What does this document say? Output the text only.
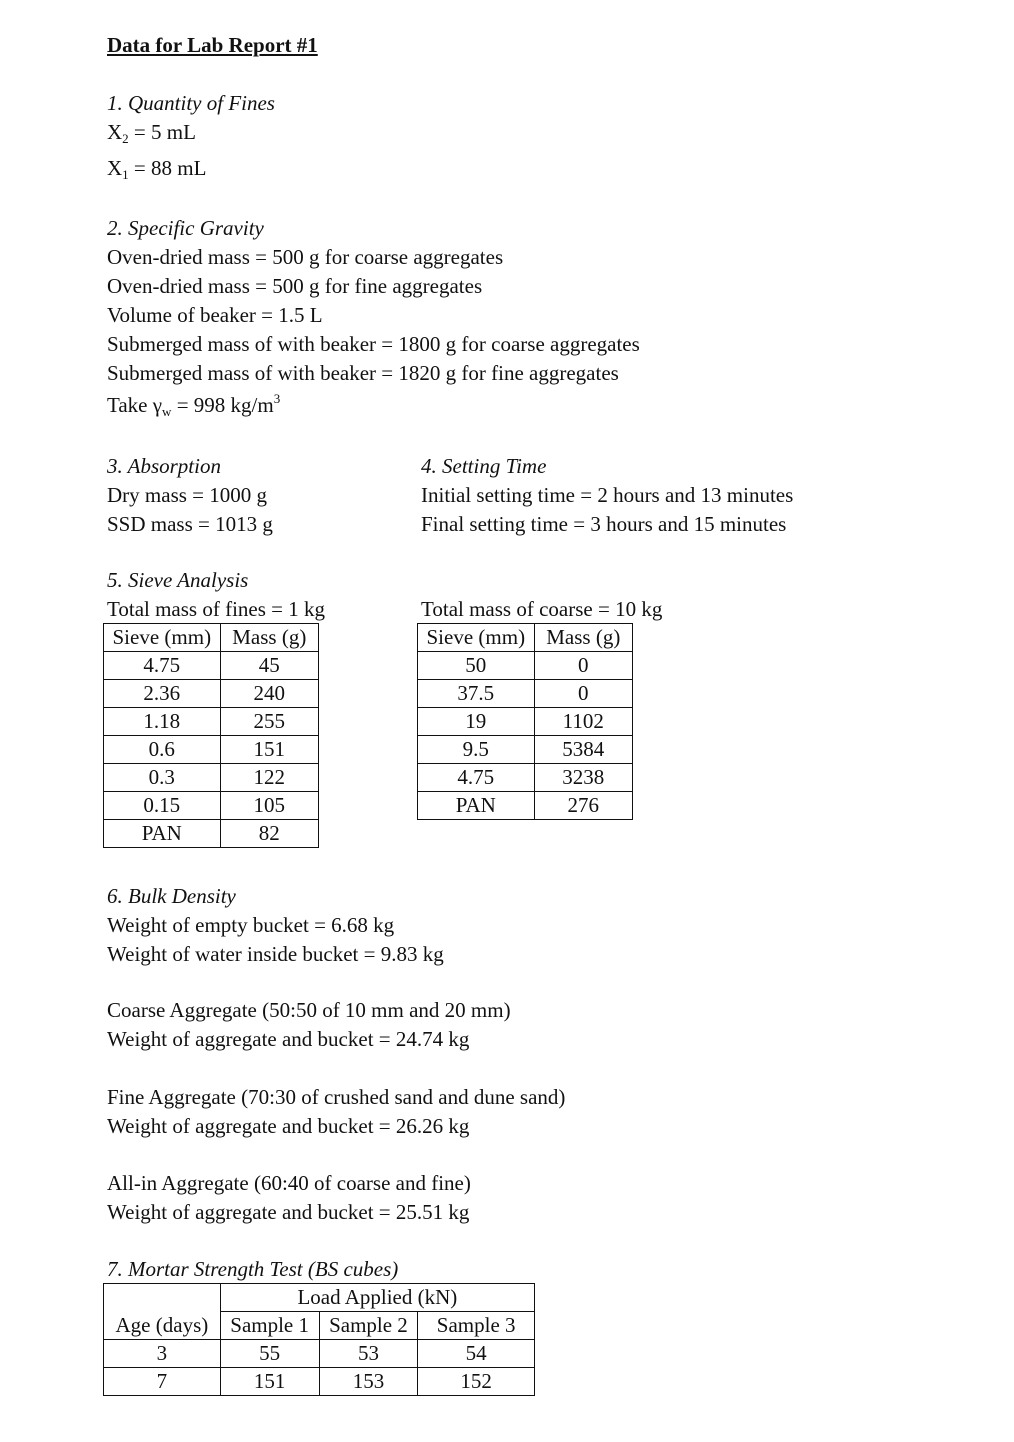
Data for Lab Report #1
1. Quantity of Fines
$X_2 = 5$ mL
$X_1 = 88$ mL
2. Specific Gravity
Oven-dried mass = 500 g for coarse aggregates
Oven-dried mass = 500 g for fine aggregates
Volume of beaker = 1.5 L
Submerged mass of with beaker = 1800 g for coarse aggregates
Submerged mass of with beaker = 1820 g for fine aggregates
Take $\gamma_w = 998$ $kg/m^3$
3. Absorption
Dry mass = 1000 g
SSD mass = 1013 g
4. Setting Time
Initial setting time = 2 hours and 13 minutes
Final setting time = 3 hours and 15 minutes
5. Sieve Analysis
Total mass of fines = 1 kg	Total mass of coarse = 10 kg
Sieve (mm)	Mass (g)
4.75	45
2.36	240
1.18	255
0.6	151
0.3	122
0.15	105
PAN	82
Sieve (mm)	Mass (g)
50	0
37.5	0
19	1102
9.5	5384
4.75	3238
PAN	276
6. Bulk Density
Weight of empty bucket = 6.68 kg
Weight of water inside bucket = 9.83 kg
Coarse Aggregate (50:50 of 10 mm and 20 mm)
Weight of aggregate and bucket = 24.74 kg
Fine Aggregate (70:30 of crushed sand and dune sand)
Weight of aggregate and bucket = 26.26 kg
All-in Aggregate (60:40 of coarse and fine)
Weight of aggregate and bucket = 25.51 kg
7. Mortar Strength Test (BS cubes)
	Load Applied (kN)		
Age (days)	Sample 1	Sample 2	Sample 3
3	55	53	54
7	151	153	152
